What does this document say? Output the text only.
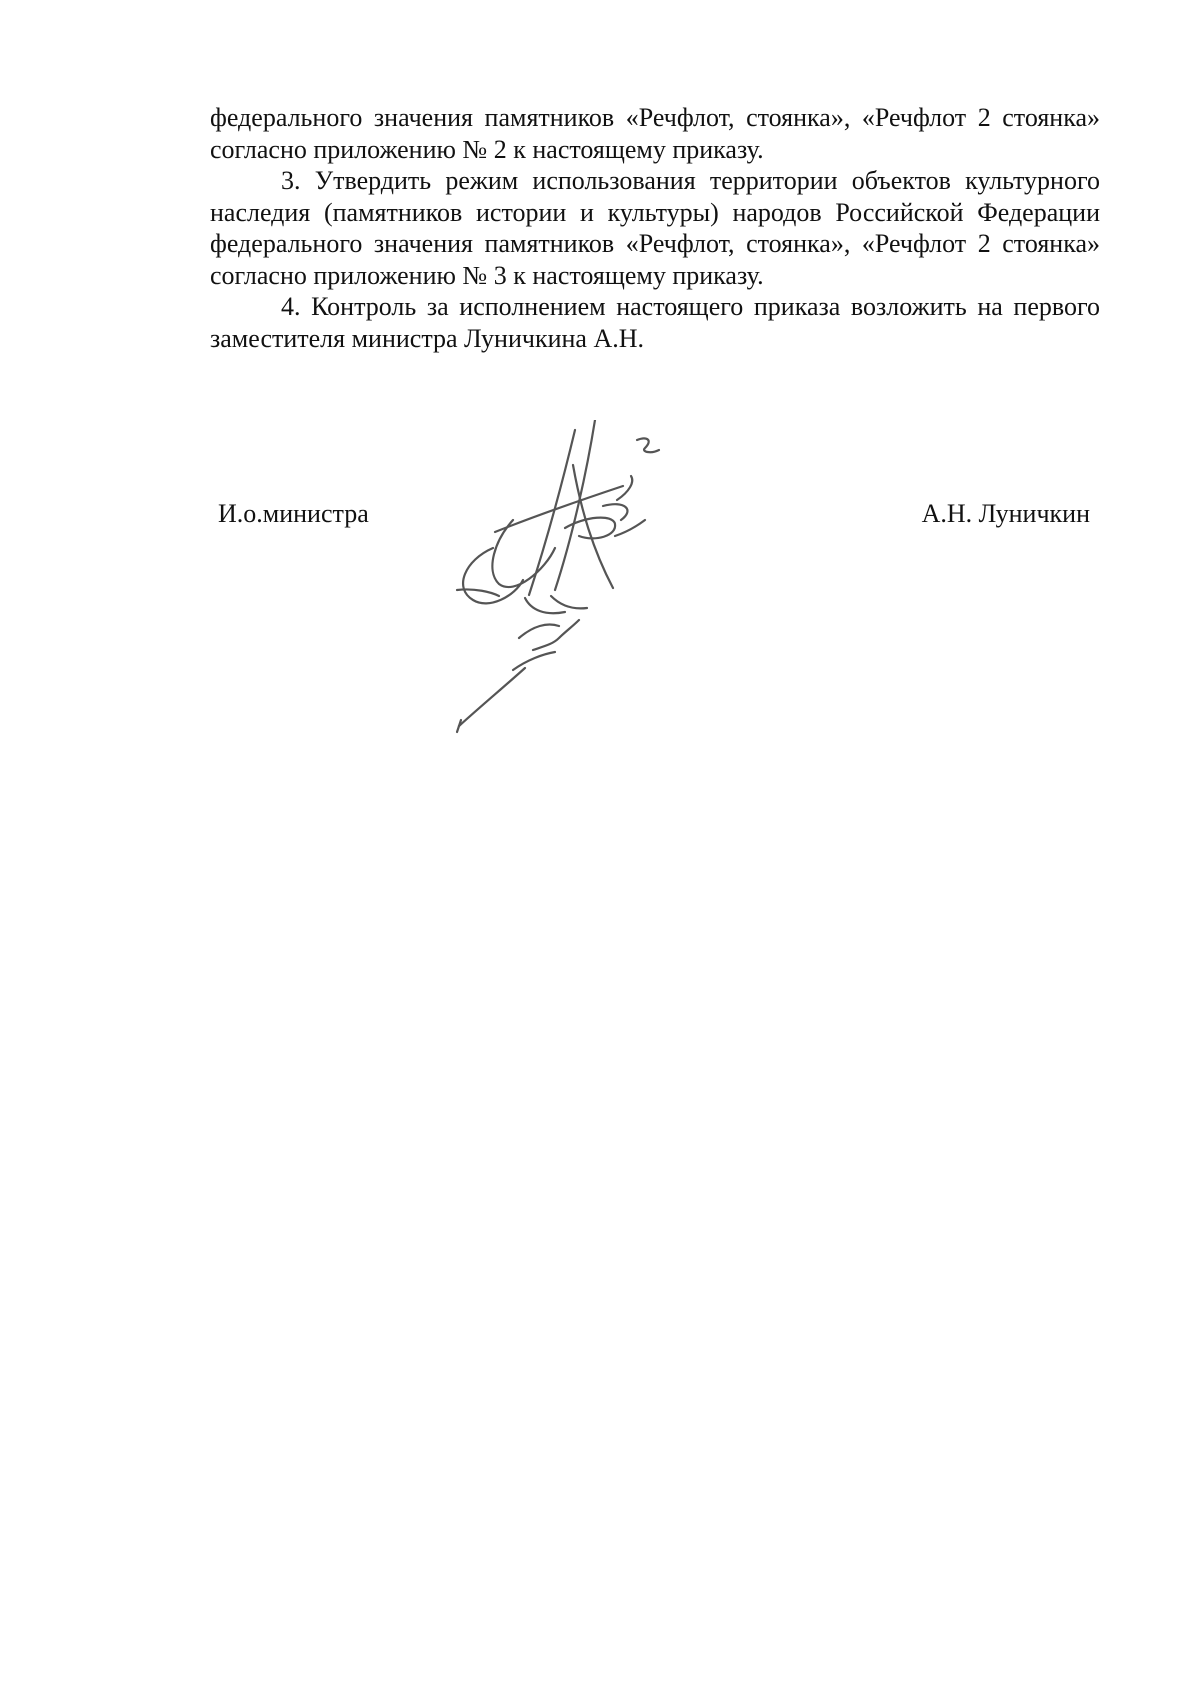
федерального значения памятников «Речфлот, стоянка», «Речфлот 2 стоянка» согласно приложению № 2 к настоящему приказу.

3. Утвердить режим использования территории объектов культурного наследия (памятников истории и культуры) народов Российской Федерации федерального значения памятников «Речфлот, стоянка», «Речфлот 2 стоянка» согласно приложению № 3 к настоящему приказу.

4. Контроль за исполнением настоящего приказа возложить на первого заместителя министра Луничкина А.Н.

И.о.министра	А.Н. Луничкин
